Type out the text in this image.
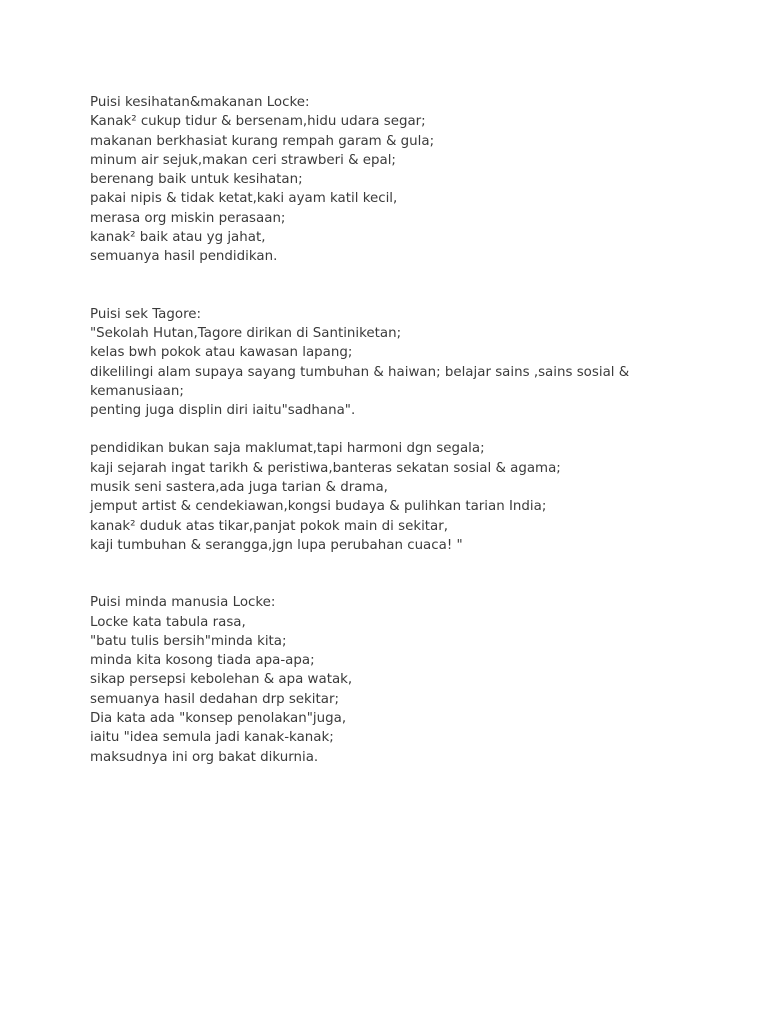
Puisi kesihatan&makanan Locke:
Kanak² cukup tidur & bersenam,hidu udara segar;
makanan berkhasiat kurang rempah garam & gula;
minum air sejuk,makan ceri strawberi & epal;
berenang baik untuk kesihatan;
pakai nipis & tidak ketat,kaki ayam katil kecil,
merasa org miskin perasaan;
kanak² baik atau yg jahat,
semuanya hasil pendidikan.
Puisi sek Tagore:
"Sekolah Hutan,Tagore dirikan di Santiniketan;
kelas bwh pokok atau kawasan lapang;
dikelilingi alam supaya sayang tumbuhan & haiwan; belajar sains ,sains sosial &
kemanusiaan;
penting juga displin diri iaitu"sadhana".
pendidikan bukan saja maklumat,tapi harmoni dgn segala;
kaji sejarah ingat tarikh & peristiwa,banteras sekatan sosial & agama;
musik seni sastera,ada juga tarian & drama,
jemput artist & cendekiawan,kongsi budaya & pulihkan tarian India;
kanak² duduk atas tikar,panjat pokok main di sekitar,
kaji tumbuhan & serangga,jgn lupa perubahan cuaca! "
Puisi minda manusia Locke:
Locke kata tabula rasa,
"batu tulis bersih"minda kita;
minda kita kosong tiada apa-apa;
sikap persepsi kebolehan & apa watak,
semuanya hasil dedahan drp sekitar;
Dia kata ada "konsep penolakan"juga,
iaitu "idea semula jadi kanak-kanak;
maksudnya ini org bakat dikurnia.
